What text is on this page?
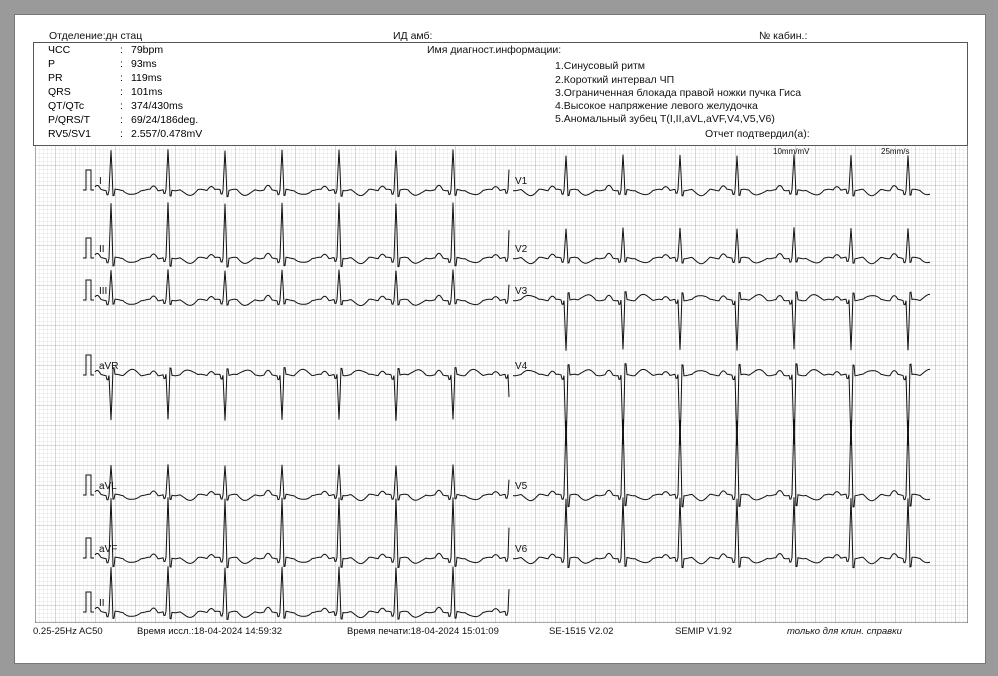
Отделение:дн стац	ИД амб:	№ кабин.:
ЧСС	: 79bpm
P	: 93ms
PR	: 119ms
QRS	: 101ms
QT/QTc	: 374/430ms
P/QRS/T	: 69/24/186deg.
RV5/SV1	: 2.557/0.478mV
Имя диагност.информации:
1.Синусовый ритм
2.Короткий интервал ЧП
3.Ограниченная блокада правой ножки пучка Гиса
4.Высокое напряжение левого желудочка
5.Аномальный зубец T(I,II,aVL,aVF,V4,V5,V6)
Отчет подтвердил(а):
10mm/mV	25mm/s
I
II
III
aVR
aVL
aVF
II
V1
V2
V3
V4
V5
V6
0.25-25Hz AC50	Время иссл.:18-04-2024 14:59:32	Время печати:18-04-2024 15:01:09	SE-1515 V2.02	SEMIP V1.92	только для клин. справки
